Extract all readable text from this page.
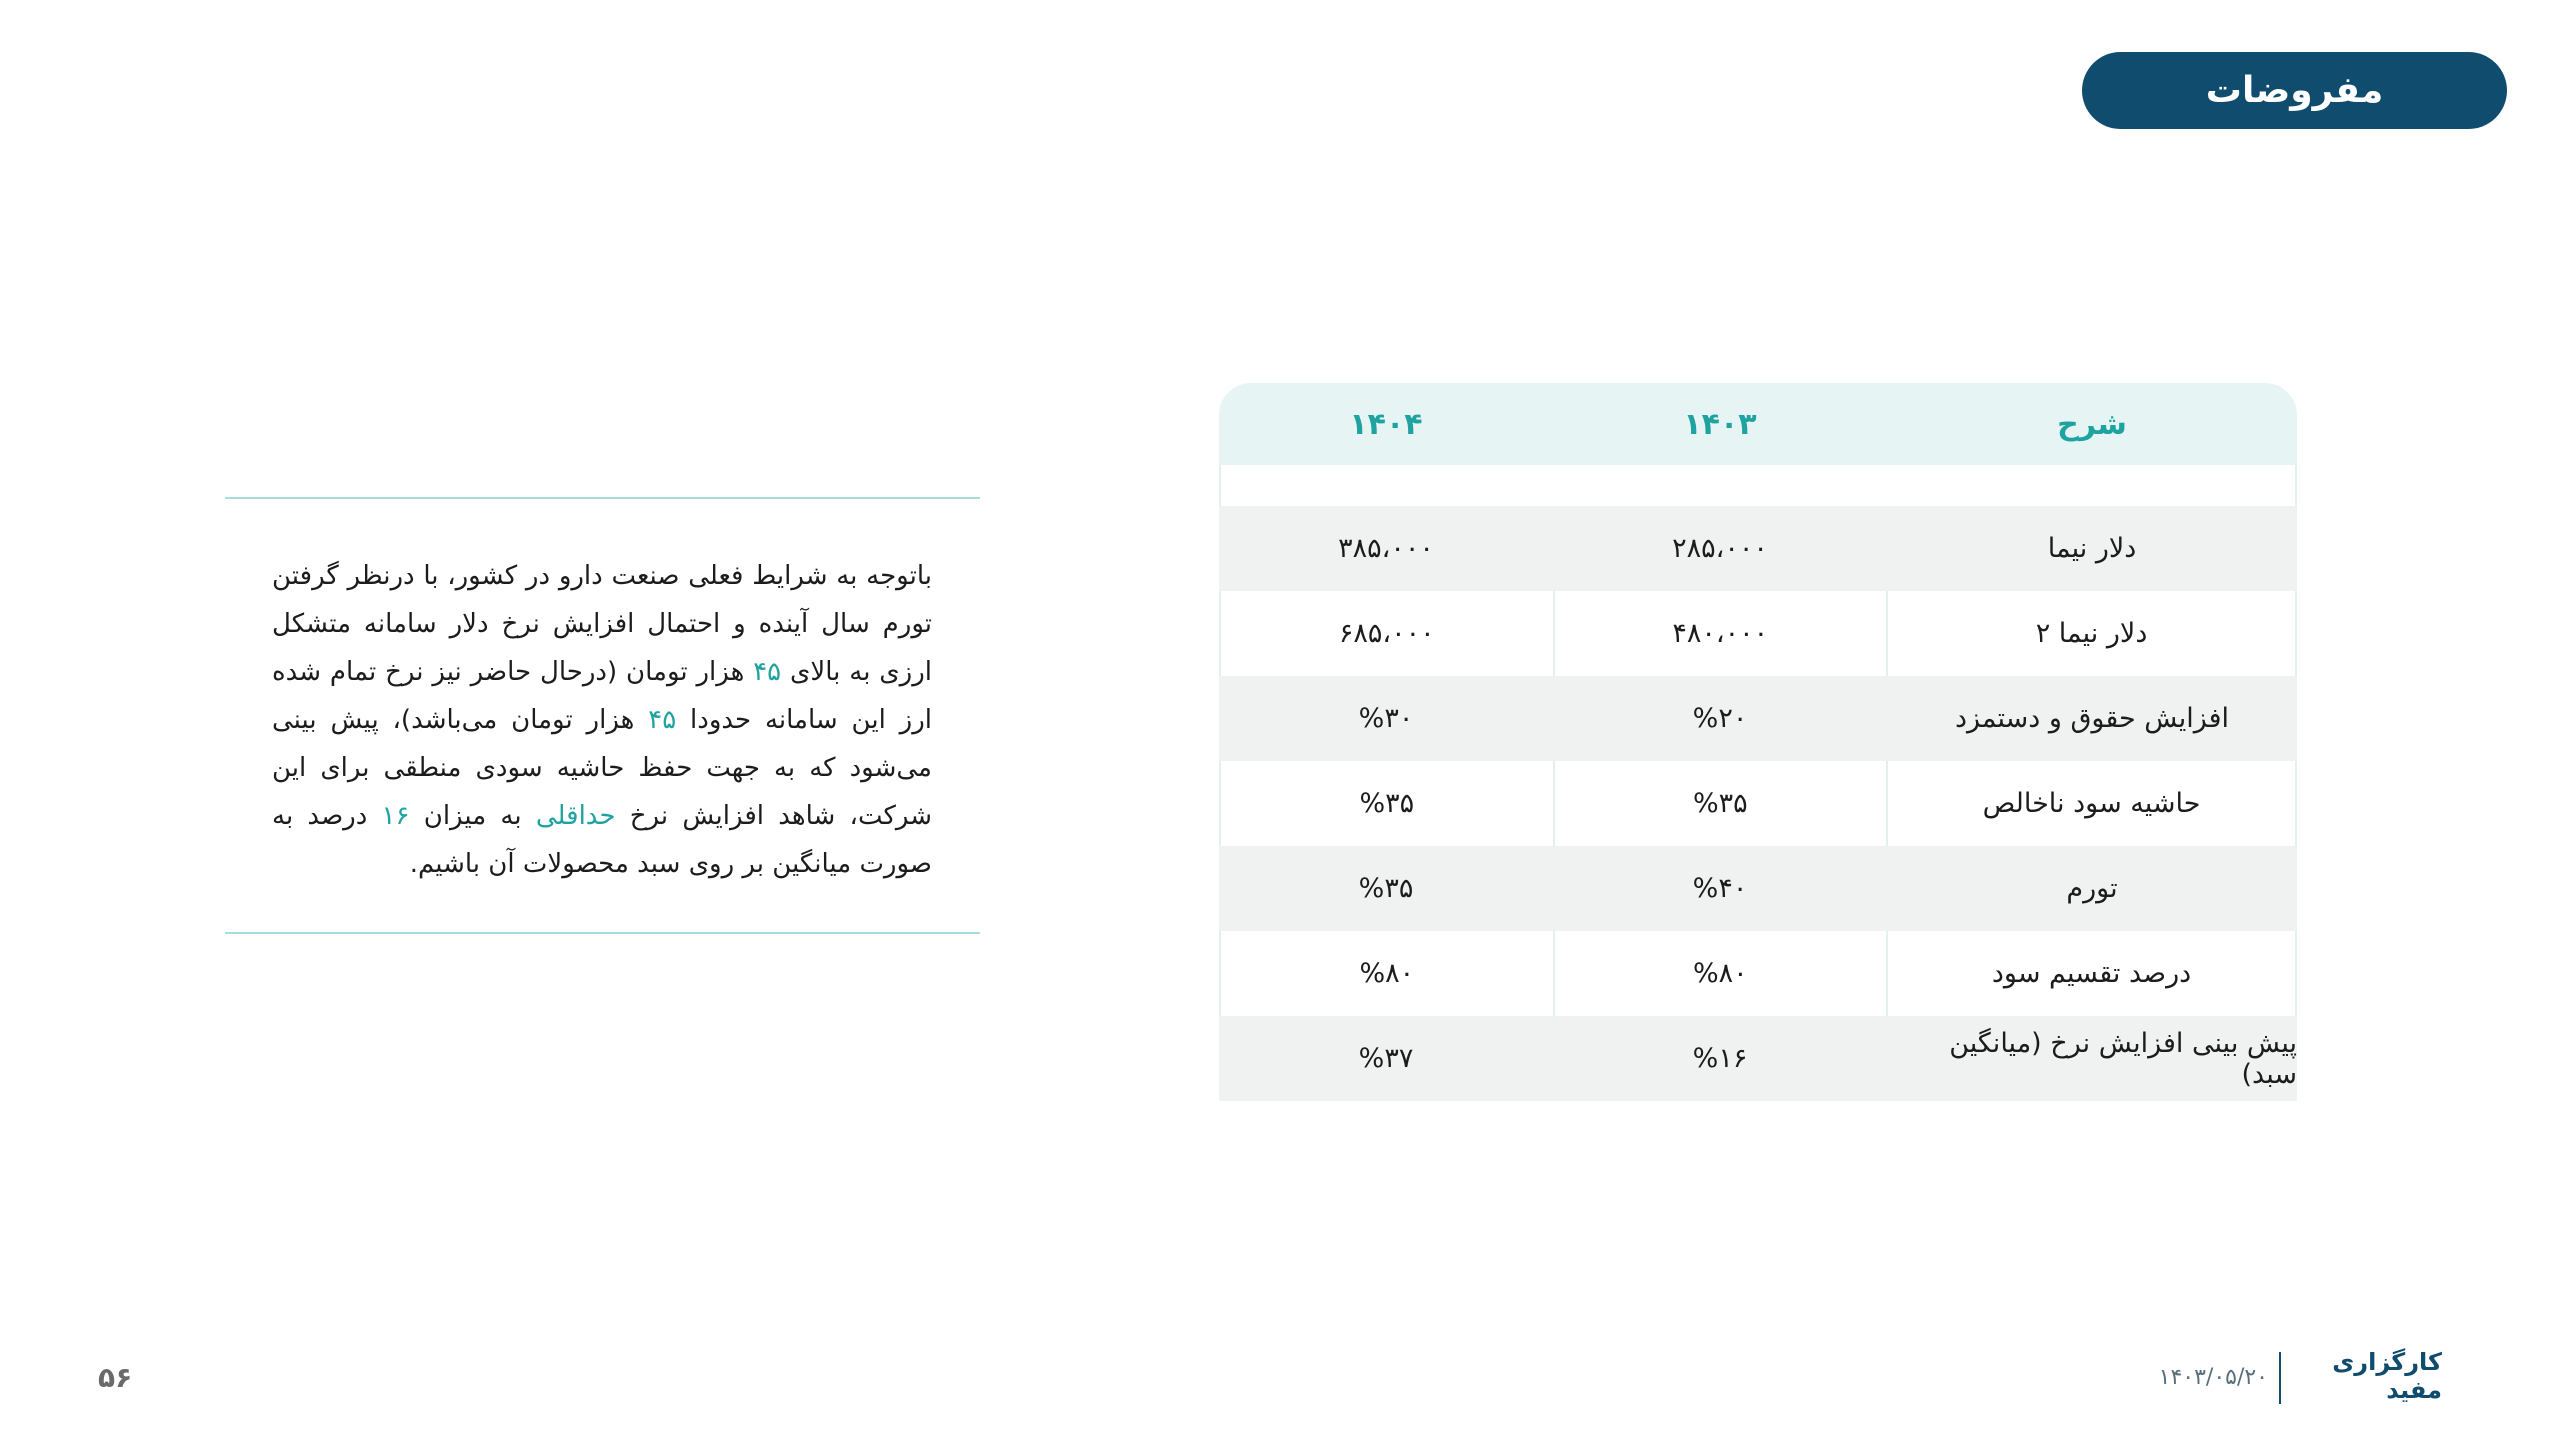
مفروضات
باتوجه به شرایط فعلی صنعت دارو در کشور، با درنظر گرفتن تورم سال آینده و احتمال افزایش نرخ دلار سامانه متشکل ارزی به بالای ۴۵ هزار تومان (درحال حاضر نیز نرخ تمام شده ارز این سامانه حدودا ۴۵ هزار تومان می‌باشد)، پیش بینی می‌شود که به جهت حفظ حاشیه سودی منطقی برای این شرکت، شاهد افزایش نرخ حداقلی به میزان ۱۶ درصد به صورت میانگین بر روی سبد محصولات آن باشیم.
شرح
۱۴۰۳
۱۴۰۴
دلار نیما
۲۸۵،۰۰۰
۳۸۵،۰۰۰
دلار نیما ۲
۴۸۰،۰۰۰
۶۸۵،۰۰۰
افزایش حقوق و دستمزد
%۲۰
%۳۰
حاشیه سود ناخالص
%۳۵
%۳۵
تورم
%۴۰
%۳۵
درصد تقسیم سود
%۸۰
%۸۰
پیش بینی افزایش نرخ (میانگین سبد)
%۱۶
%۳۷
کارگزاری مفید
۱۴۰۳/۰۵/۲۰
۵۶
